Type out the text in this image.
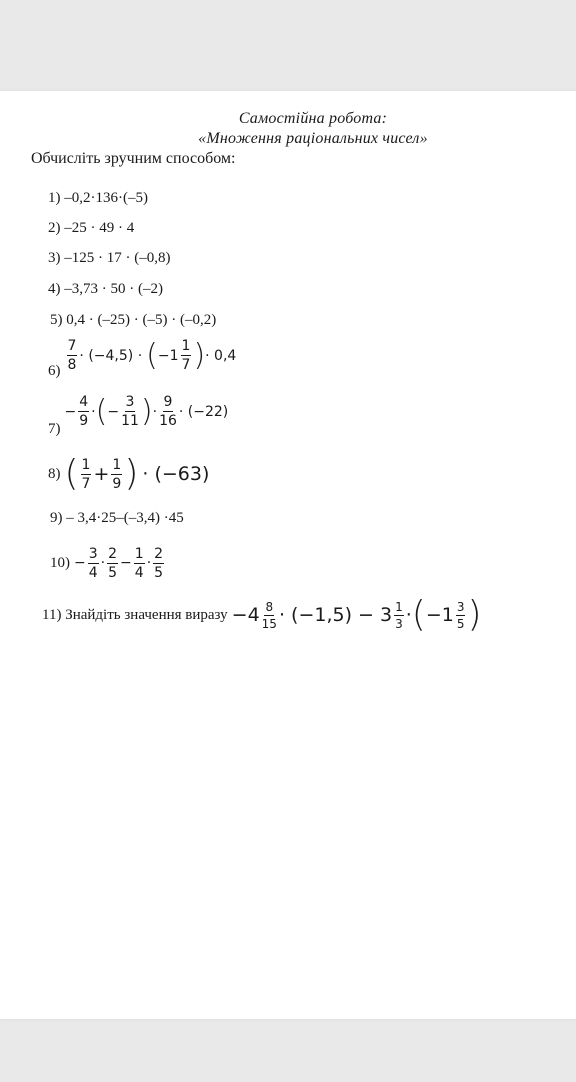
Самостійна робота:
«Множення раціональних чисел»
Обчисліть зручним способом:
1) –0,2·136·(–5)
2) –25 · 49 · 4
3) –125 · 17 · (–0,8)
4) –3,73 · 50 · (–2)
5) 0,4 · (–25) · (–5) · (–0,2)
$6) \frac{7}{8} \cdot (-4,5)$ · ( $-1 \frac{1}{7}$ ) · 0,4
7)
− $\frac{4}{9}$ · ( − $\frac{3}{11}$ ) · $\frac{9}{16} \cdot (-22)$
8) ( $\frac{1}{7} + \frac{1}{9}$ ) · (−63)
9) – 3,4·25–(–3,4) ·45
$10) - \frac{3}{4} \cdot \frac{2}{5} - \frac{1}{4} \cdot \frac{2}{5}$
11) Знайдіть значення виразу $-4 \frac{8}{15} \cdot (-1,5) - 3 \frac{1}{3}$ · ( $-1 \frac{3}{5}$ )
